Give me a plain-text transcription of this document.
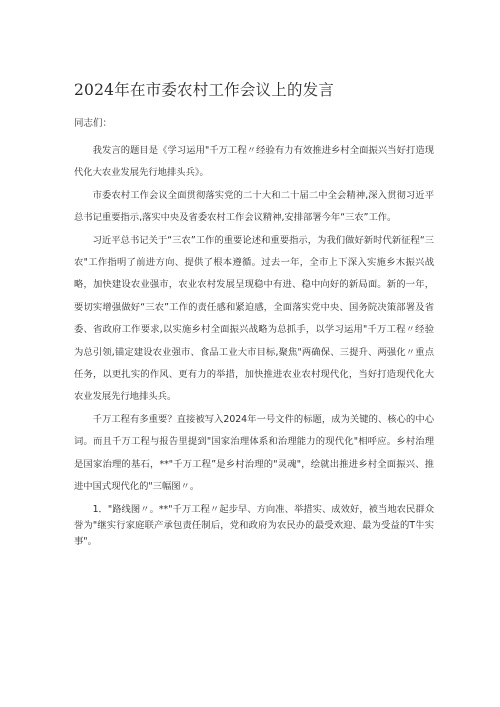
2024年在市委农村工作会议上的发言
同志们：

我发言的题目是《学习运用"千万工程〃经验有力有效推进乡村全面振兴当好打造现代化大农业发展先行地排头兵》。

市委农村工作会议全面贯彻落实党的二十大和二十届二中全会精神,深入贯彻习近平总书记重要指示,落实中央及省委农村工作会议精神,安排部署今年“三农”工作。

习近平总书记关于“三农”工作的重要论述和重要指示，为我们做好新时代新征程“三农"工作指明了前进方向、提供了根本遵循。过去一年，全市上下深入实施乡木振兴战略，加快建设农业强市，农业农村发展呈现稳中有进、稳中向好的新局面。新的一年，要切实增强做好“三农”工作的责任感和紧迫感，全面落实党中央、国务院决策部署及省委、省政府工作要求,以实施乡村全面振兴战略为总抓手，以学习运用"千万工程〃经验为总引领,锚定建设农业强市、食品工业大市目标,聚焦"两确保、三提升、两强化〃重点任务，以更扎实的作风、更有力的举措，加快推进农业农村现代化，当好打造现代化大农业发展先行地排头兵。

千万工程有多重要？直接被写入2024年一号文件的标题，成为关键的、核心的中心词。而且千万工程与报告里提到"国家治理体系和治理能力的现代化"相呼应。乡村治理是国家治理的基石，**"千万工程”是乡村治理的"灵魂"，绘就出推进乡村全面振兴、推进中国式现代化的"三幅图〃。

1．"路线图〃。**"千万工程〃起步早、方向准、举措实、成效好，被当地农民群众誉为"继实行家庭联产承包责任制后，党和政府为农民办的最受欢迎、最为受益的T牛实事"。
